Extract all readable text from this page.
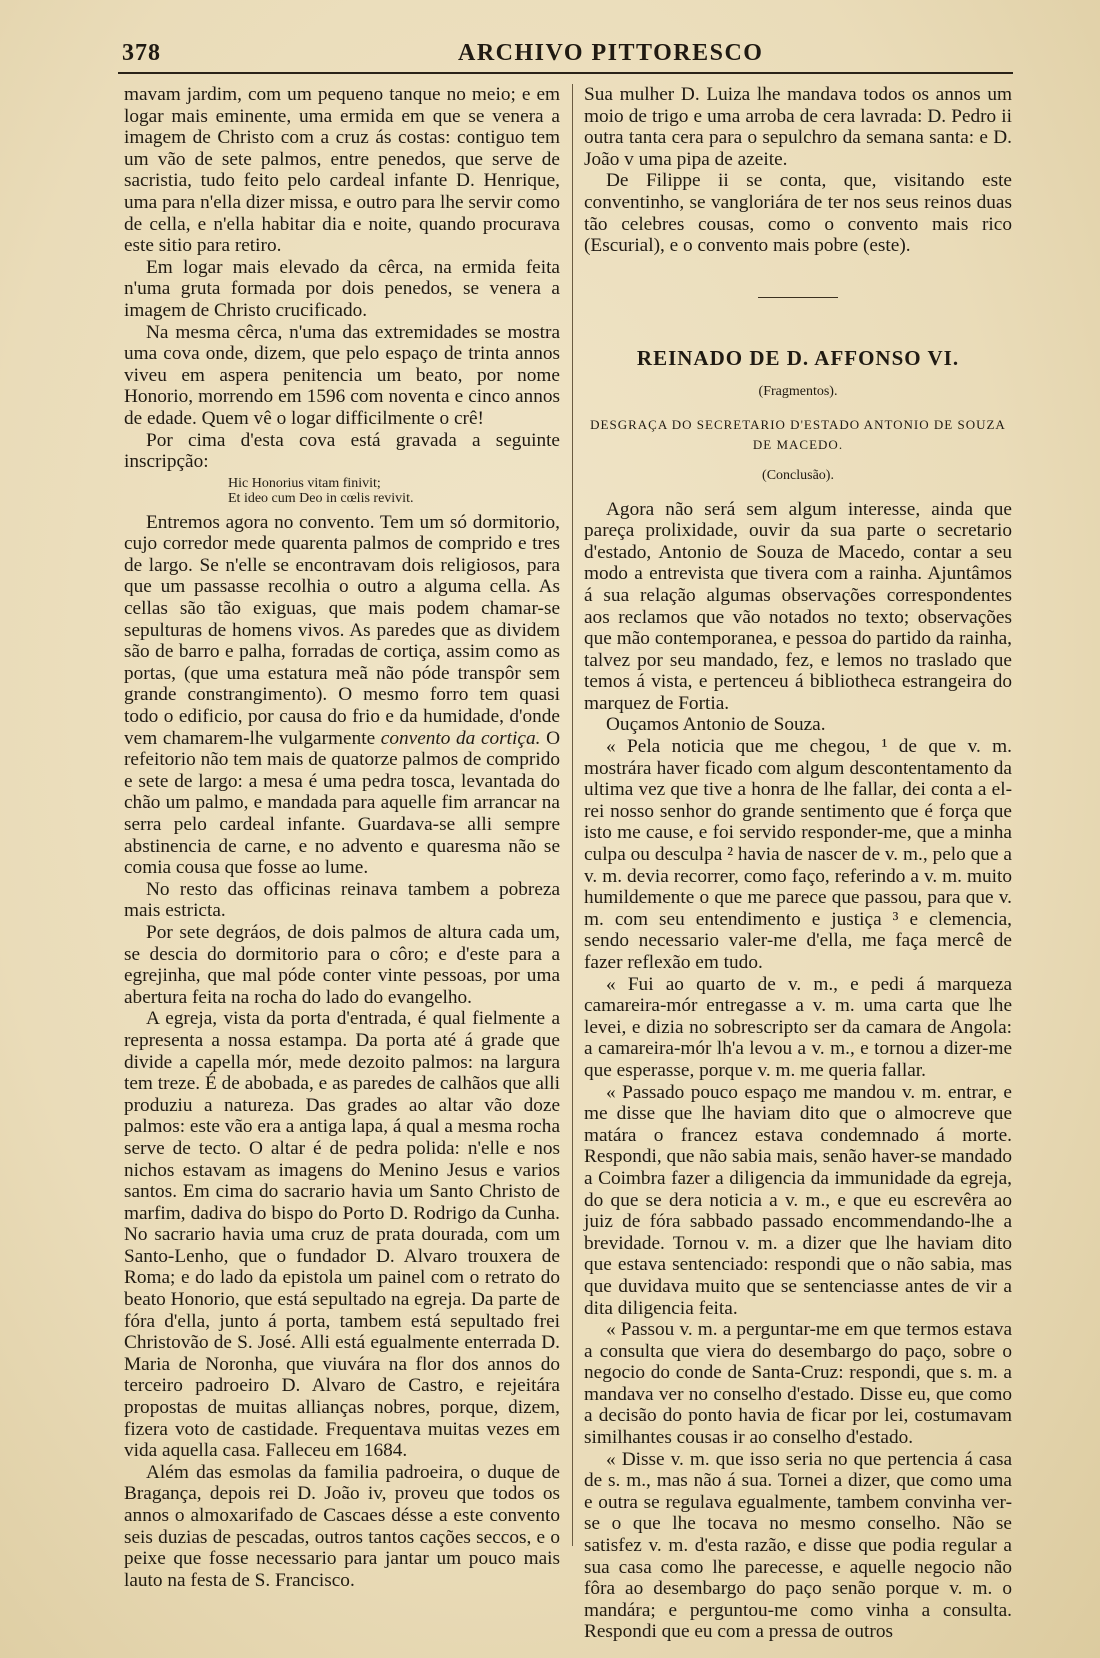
378	ARCHIVO PITTORESCO

mavam jardim, com um pequeno tanque no meio; e em logar mais eminente, uma ermida em que se venera a imagem de Christo com a cruz ás costas: contiguo tem um vão de sete palmos, entre penedos, que serve de sacristia, tudo feito pelo cardeal infante D. Henrique, uma para n'ella dizer missa, e outro para lhe servir como de cella, e n'ella habitar dia e noite, quando procurava este sitio para retiro.

Em logar mais elevado da cêrca, na ermida feita n'uma gruta formada por dois penedos, se venera a imagem de Christo crucificado.

Na mesma cêrca, n'uma das extremidades se mostra uma cova onde, dizem, que pelo espaço de trinta annos viveu em aspera penitencia um beato, por nome Honorio, morrendo em 1596 com noventa e cinco annos de edade. Quem vê o logar difficilmente o crê!

Por cima d'esta cova está gravada a seguinte inscripção:

Hic Honorius vitam finivit;
Et ideo cum Deo in cœlis revivit.

Entremos agora no convento. Tem um só dormitorio, cujo corredor mede quarenta palmos de comprido e tres de largo. Se n'elle se encontravam dois religiosos, para que um passasse recolhia o outro a alguma cella. As cellas são tão exiguas, que mais podem chamar-se sepulturas de homens vivos. As paredes que as dividem são de barro e palha, forradas de cortiça, assim como as portas, (que uma estatura meã não póde transpôr sem grande constrangimento). O mesmo forro tem quasi todo o edificio, por causa do frio e da humidade, d'onde vem chamarem-lhe vulgarmente convento da cortiça. O refeitorio não tem mais de quatorze palmos de comprido e sete de largo: a mesa é uma pedra tosca, levantada do chão um palmo, e mandada para aquelle fim arrancar na serra pelo cardeal infante. Guardava-se alli sempre abstinencia de carne, e no advento e quaresma não se comia cousa que fosse ao lume.

No resto das officinas reinava tambem a pobreza mais estricta.

Por sete degráos, de dois palmos de altura cada um, se descia do dormitorio para o côro; e d'este para a egrejinha, que mal póde conter vinte pessoas, por uma abertura feita na rocha do lado do evangelho.

A egreja, vista da porta d'entrada, é qual fielmente a representa a nossa estampa. Da porta até á grade que divide a capella mór, mede dezoito palmos: na largura tem treze. É de abobada, e as paredes de calhãos que alli produziu a natureza. Das grades ao altar vão doze palmos: este vão era a antiga lapa, á qual a mesma rocha serve de tecto. O altar é de pedra polida: n'elle e nos nichos estavam as imagens do Menino Jesus e varios santos. Em cima do sacrario havia um Santo Christo de marfim, dadiva do bispo do Porto D. Rodrigo da Cunha. No sacrario havia uma cruz de prata dourada, com um Santo-Lenho, que o fundador D. Alvaro trouxera de Roma; e do lado da epistola um painel com o retrato do beato Honorio, que está sepultado na egreja. Da parte de fóra d'ella, junto á porta, tambem está sepultado frei Christovão de S. José. Alli está egualmente enterrada D. Maria de Noronha, que viuvára na flor dos annos do terceiro padroeiro D. Alvaro de Castro, e rejeitára propostas de muitas allianças nobres, porque, dizem, fizera voto de castidade. Frequentava muitas vezes em vida aquella casa. Falleceu em 1684.

Além das esmolas da familia padroeira, o duque de Bragança, depois rei D. João iv, proveu que todos os annos o almoxarifado de Cascaes désse a este convento seis duzias de pescadas, outros tantos cações seccos, e o peixe que fosse necessario para jantar um pouco mais lauto na festa de S. Francisco.

Sua mulher D. Luiza lhe mandava todos os annos um moio de trigo e uma arroba de cera lavrada: D. Pedro ii outra tanta cera para o sepulchro da semana santa: e D. João v uma pipa de azeite.

De Filippe ii se conta, que, visitando este conventinho, se vangloriára de ter nos seus reinos duas tão celebres cousas, como o convento mais rico (Escurial), e o convento mais pobre (este).

REINADO DE D. AFFONSO VI.
(Fragmentos).
DESGRAÇA DO SECRETARIO D'ESTADO ANTONIO DE SOUZA DE MACEDO.
(Conclusão).

Agora não será sem algum interesse, ainda que pareça prolixidade, ouvir da sua parte o secretario d'estado, Antonio de Souza de Macedo, contar a seu modo a entrevista que tivera com a rainha. Ajuntâmos á sua relação algumas observações correspondentes aos reclamos que vão notados no texto; observações que mão contemporanea, e pessoa do partido da rainha, talvez por seu mandado, fez, e lemos no traslado que temos á vista, e pertenceu á bibliotheca estrangeira do marquez de Fortia.

Ouçamos Antonio de Souza.

« Pela noticia que me chegou, ¹ de que v. m. mostrára haver ficado com algum descontentamento da ultima vez que tive a honra de lhe fallar, dei conta a el-rei nosso senhor do grande sentimento que é força que isto me cause, e foi servido responder-me, que a minha culpa ou desculpa ² havia de nascer de v. m., pelo que a v. m. devia recorrer, como faço, referindo a v. m. muito humildemente o que me parece que passou, para que v. m. com seu entendimento e justiça ³ e clemencia, sendo necessario valer-me d'ella, me faça mercê de fazer reflexão em tudo.

« Fui ao quarto de v. m., e pedi á marqueza camareira-mór entregasse a v. m. uma carta que lhe levei, e dizia no sobrescripto ser da camara de Angola: a camareira-mór lh'a levou a v. m., e tornou a dizer-me que esperasse, porque v. m. me queria fallar.

« Passado pouco espaço me mandou v. m. entrar, e me disse que lhe haviam dito que o almocreve que matára o francez estava condemnado á morte. Respondi, que não sabia mais, senão haver-se mandado a Coimbra fazer a diligencia da immunidade da egreja, do que se dera noticia a v. m., e que eu escrevêra ao juiz de fóra sabbado passado encommendando-lhe a brevidade. Tornou v. m. a dizer que lhe haviam dito que estava sentenciado: respondi que o não sabia, mas que duvidava muito que se sentenciasse antes de vir a dita diligencia feita.

« Passou v. m. a perguntar-me em que termos estava a consulta que viera do desembargo do paço, sobre o negocio do conde de Santa-Cruz: respondi, que s. m. a mandava ver no conselho d'estado. Disse eu, que como a decisão do ponto havia de ficar por lei, costumavam similhantes cousas ir ao conselho d'estado.

« Disse v. m. que isso seria no que pertencia á casa de s. m., mas não á sua. Tornei a dizer, que como uma e outra se regulava egualmente, tambem convinha ver-se o que lhe tocava no mesmo conselho. Não se satisfez v. m. d'esta razão, e disse que podia regular a sua casa como lhe parecesse, e aquelle negocio não fôra ao desembargo do paço senão porque v. m. o mandára; e perguntou-me como vinha a consulta. Respondi que eu com a pressa de outros
